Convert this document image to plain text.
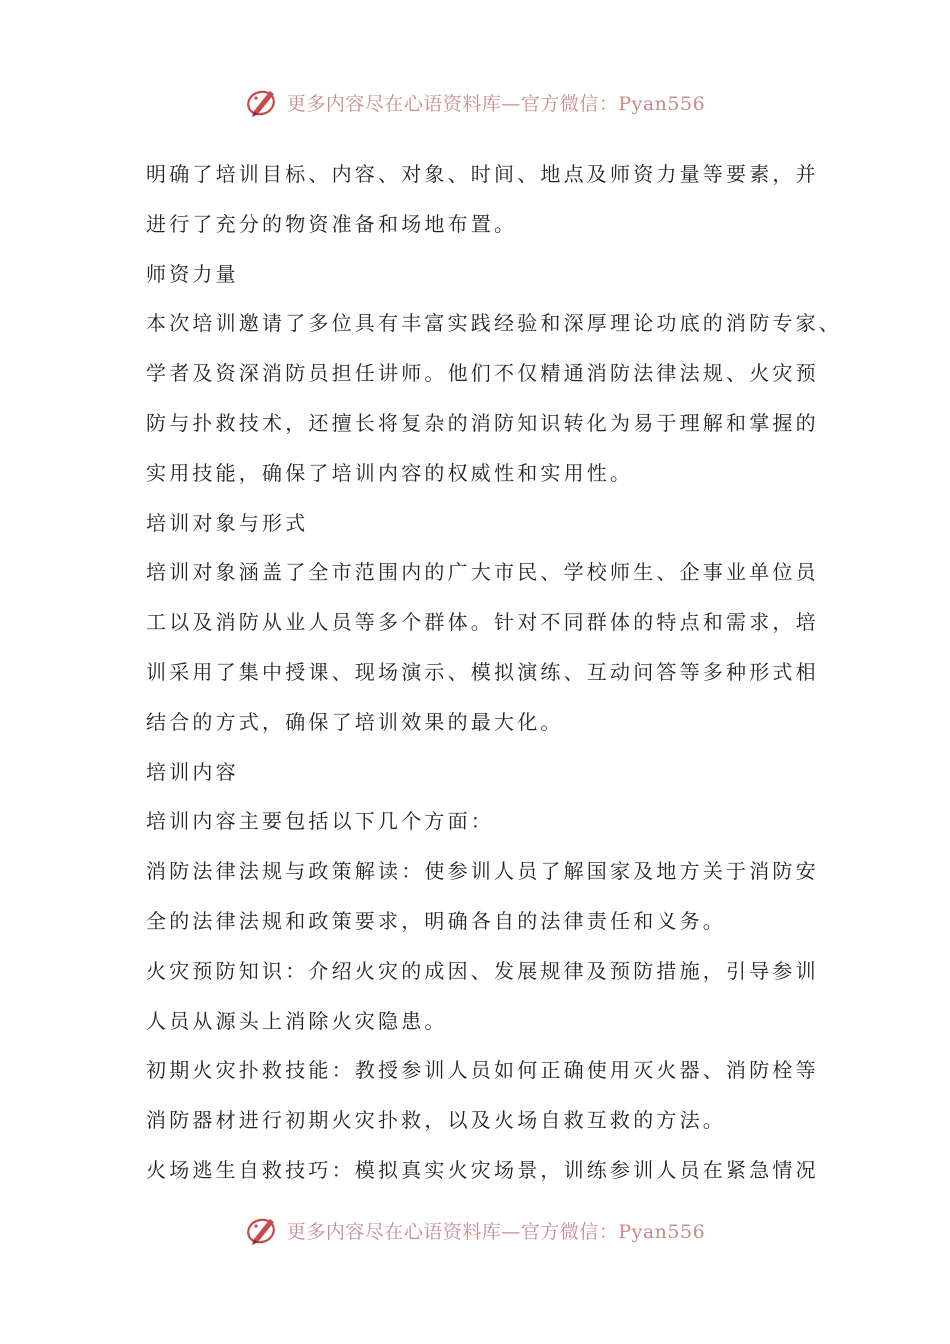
更多内容尽在心语资料库—官方微信：Pyan556
明确了培训目标、内容、对象、时间、地点及师资力量等要素，并
进行了充分的物资准备和场地布置。
师资力量
本次培训邀请了多位具有丰富实践经验和深厚理论功底的消防专家、
学者及资深消防员担任讲师。他们不仅精通消防法律法规、火灾预
防与扑救技术，还擅长将复杂的消防知识转化为易于理解和掌握的
实用技能，确保了培训内容的权威性和实用性。
培训对象与形式
培训对象涵盖了全市范围内的广大市民、学校师生、企事业单位员
工以及消防从业人员等多个群体。针对不同群体的特点和需求，培
训采用了集中授课、现场演示、模拟演练、互动问答等多种形式相
结合的方式，确保了培训效果的最大化。
培训内容
培训内容主要包括以下几个方面：
消防法律法规与政策解读：使参训人员了解国家及地方关于消防安
全的法律法规和政策要求，明确各自的法律责任和义务。
火灾预防知识：介绍火灾的成因、发展规律及预防措施，引导参训
人员从源头上消除火灾隐患。
初期火灾扑救技能：教授参训人员如何正确使用灭火器、消防栓等
消防器材进行初期火灾扑救，以及火场自救互救的方法。
火场逃生自救技巧：模拟真实火灾场景，训练参训人员在紧急情况
更多内容尽在心语资料库—官方微信：Pyan556
